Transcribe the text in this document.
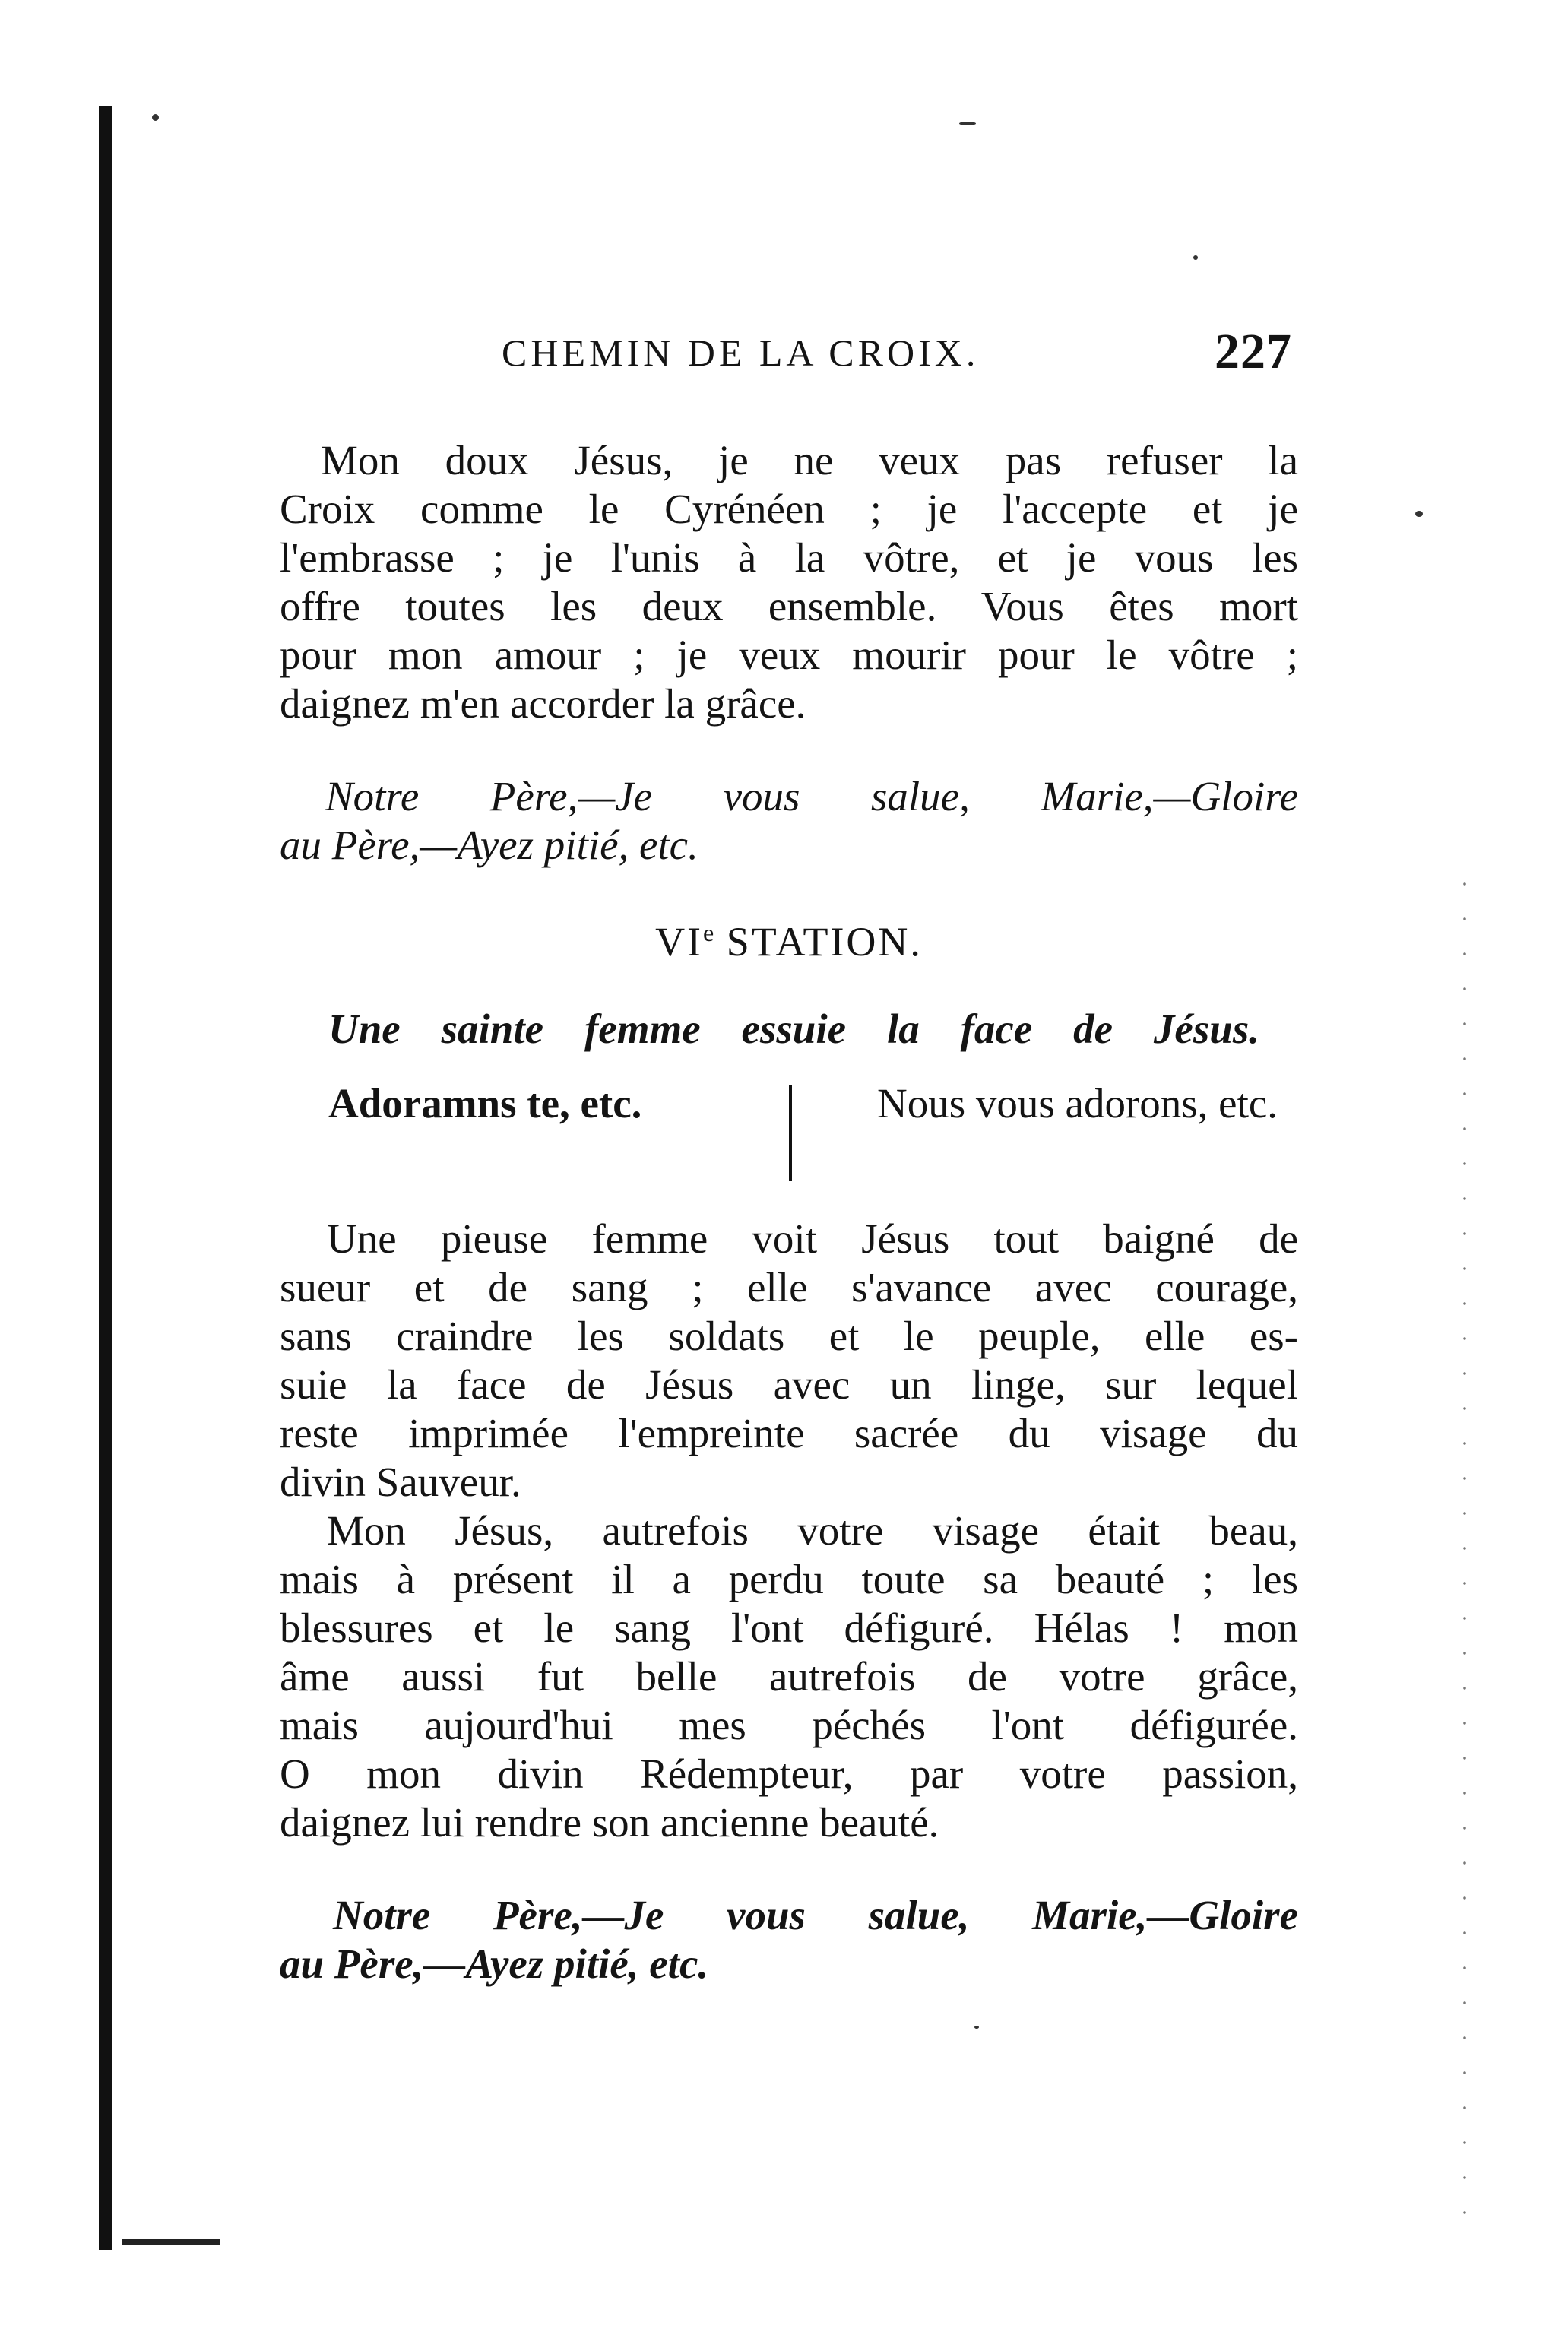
CHEMIN DE LA CROIX.	227
Mon doux Jésus, je ne veux pas refuser la
Croix comme le Cyrénéen ; je l'accepte et je
l'embrasse ; je l'unis à la vôtre, et je vous les
offre toutes les deux ensemble. Vous êtes mort
pour mon amour ; je veux mourir pour le vôtre ;
daignez m'en accorder la grâce.
Notre Père,—Je vous salue, Marie,—Gloire
au Père,—Ayez pitié, etc.
VIe STATION.
Une sainte femme essuie la face de Jésus.
Adoramns te, etc.	Nous vous adorons, etc.
Une pieuse femme voit Jésus tout baigné de
sueur et de sang ; elle s'avance avec courage,
sans craindre les soldats et le peuple, elle es-
suie la face de Jésus avec un linge, sur lequel
reste imprimée l'empreinte sacrée du visage du
divin Sauveur.
Mon Jésus, autrefois votre visage était beau,
mais à présent il a perdu toute sa beauté ; les
blessures et le sang l'ont défiguré. Hélas ! mon
âme aussi fut belle autrefois de votre grâce,
mais aujourd'hui mes péchés l'ont défigurée.
O mon divin Rédempteur, par votre passion,
daignez lui rendre son ancienne beauté.
Notre Père,—Je vous salue, Marie,—Gloire
au Père,—Ayez pitié, etc.
